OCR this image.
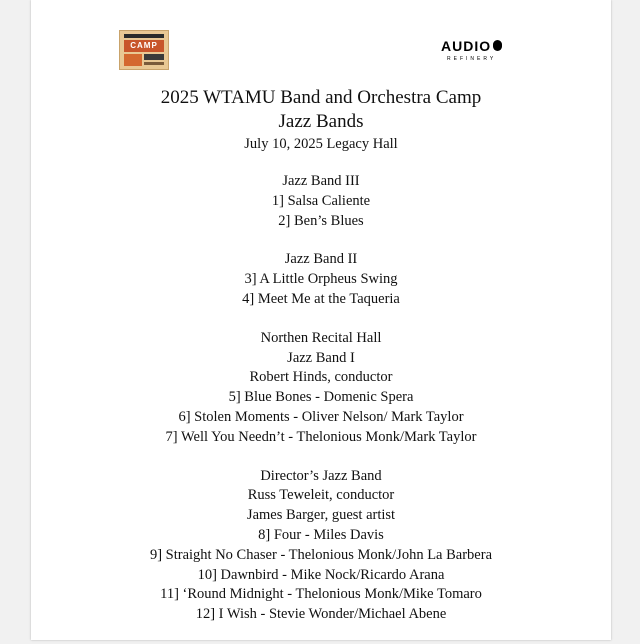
CAMP	AUDIO
REFINERY

2025 WTAMU Band and Orchestra Camp

Jazz Bands

July 10, 2025 Legacy Hall

Jazz Band III

1] Salsa Caliente

2] Ben’s Blues

Jazz Band II

3] A Little Orpheus Swing

4] Meet Me at the Taqueria

Northen Recital Hall

Jazz Band I

Robert Hinds, conductor

5] Blue Bones - Domenic Spera

6] Stolen Moments - Oliver Nelson/ Mark Taylor

7] Well You Needn’t - Thelonious Monk/Mark Taylor

Director’s Jazz Band

Russ Teweleit, conductor

James Barger, guest artist

8] Four - Miles Davis

9] Straight No Chaser - Thelonious Monk/John La Barbera

10] Dawnbird - Mike Nock/Ricardo Arana

11] ‘Round Midnight - Thelonious Monk/Mike Tomaro

12] I Wish - Stevie Wonder/Michael Abene
